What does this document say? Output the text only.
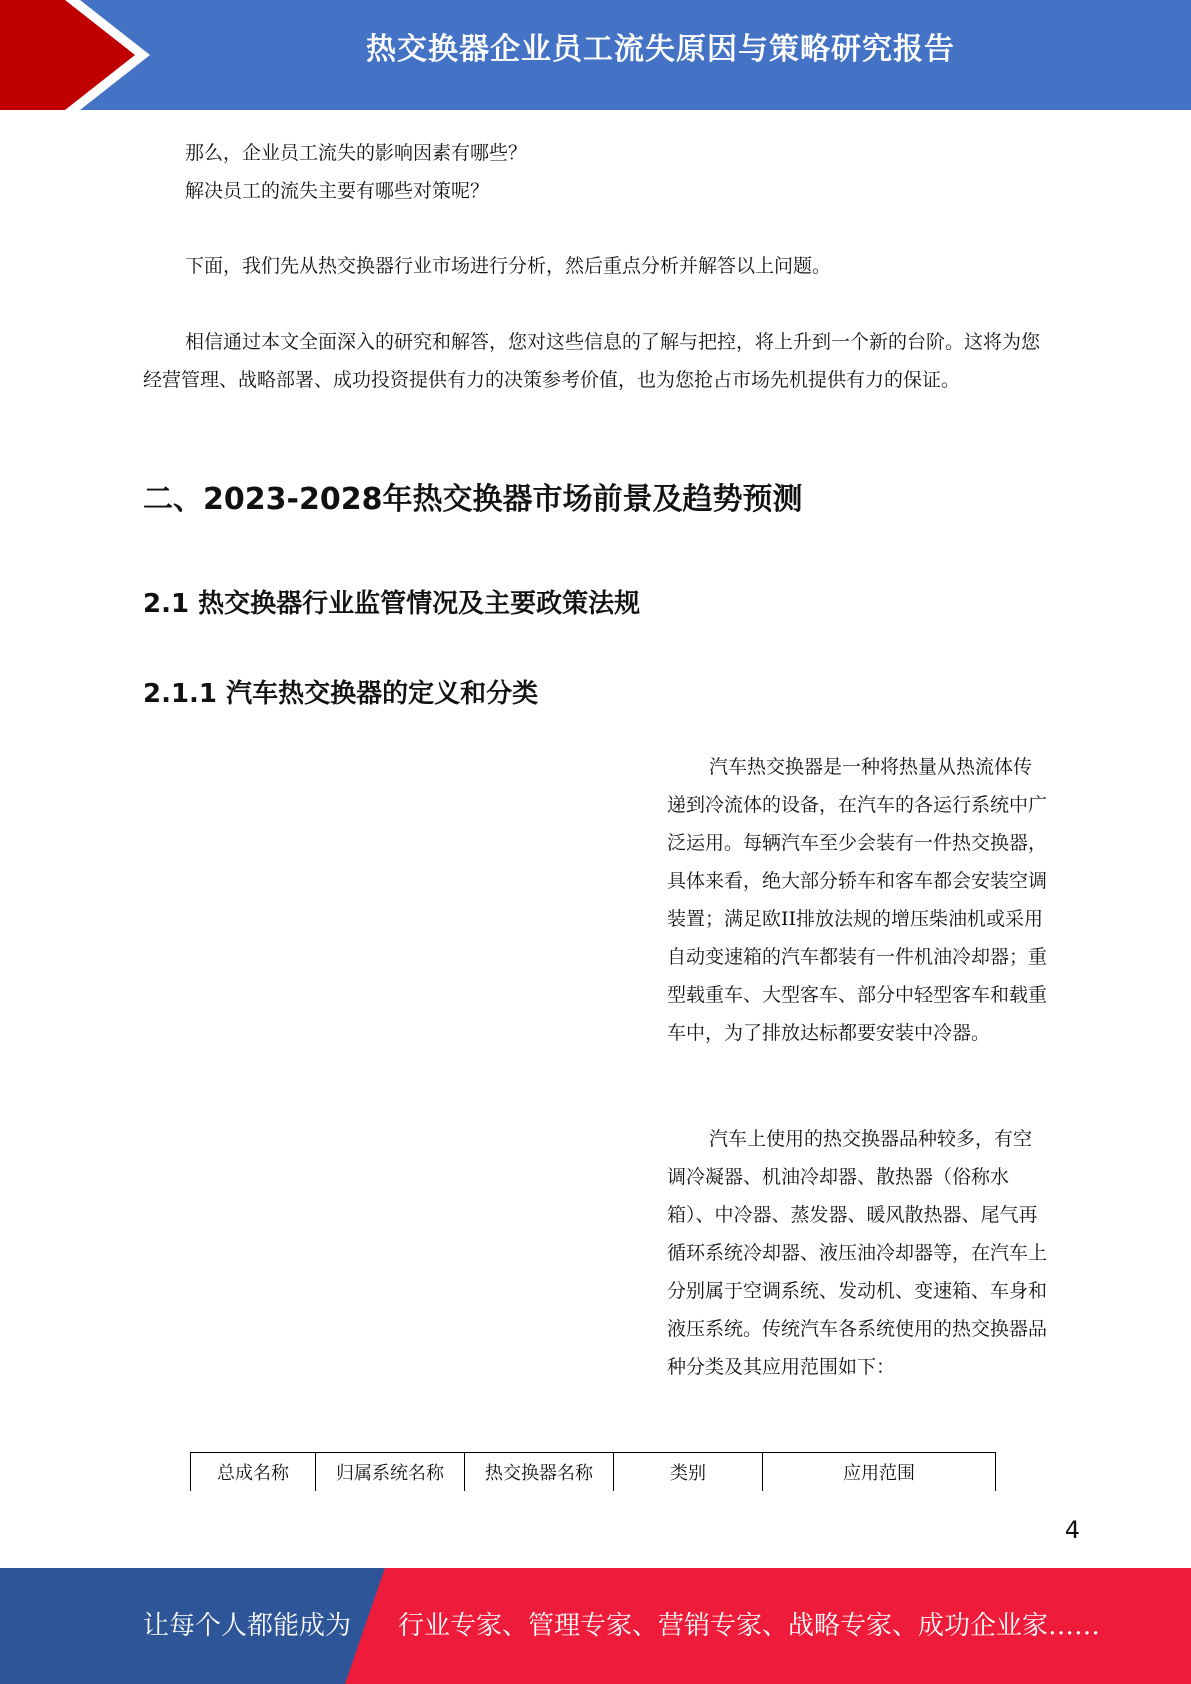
热交换器企业员工流失原因与策略研究报告

那么，企业员工流失的影响因素有哪些？

解决员工的流失主要有哪些对策呢？

下面，我们先从热交换器行业市场进行分析，然后重点分析并解答以上问题。

相信通过本文全面深入的研究和解答，您对这些信息的了解与把控，将上升到一个新的台阶。这将为您经营管理、战略部署、成功投资提供有力的决策参考价值，也为您抢占市场先机提供有力的保证。

二、2023-2028年热交换器市场前景及趋势预测
2.1 热交换器行业监管情况及主要政策法规
2.1.1 汽车热交换器的定义和分类

汽车热交换器是一种将热量从热流体传递到冷流体的设备，在汽车的各运行系统中广泛运用。每辆汽车至少会装有一件热交换器，具体来看，绝大部分轿车和客车都会安装空调装置；满足欧II排放法规的增压柴油机或采用自动变速箱的汽车都装有一件机油冷却器；重型载重车、大型客车、部分中轻型客车和载重车中，为了排放达标都要安装中冷器。

汽车上使用的热交换器品种较多，有空调冷凝器、机油冷却器、散热器（俗称水箱）、中冷器、蒸发器、暖风散热器、尾气再循环系统冷却器、液压油冷却器等，在汽车上分别属于空调系统、发动机、变速箱、车身和液压系统。传统汽车各系统使用的热交换器品种分类及其应用范围如下：

总成名称	归属系统名称	热交换器名称	类别	应用范围
4
让每个人都能成为 行业专家、管理专家、营销专家、战略专家、成功企业家……
